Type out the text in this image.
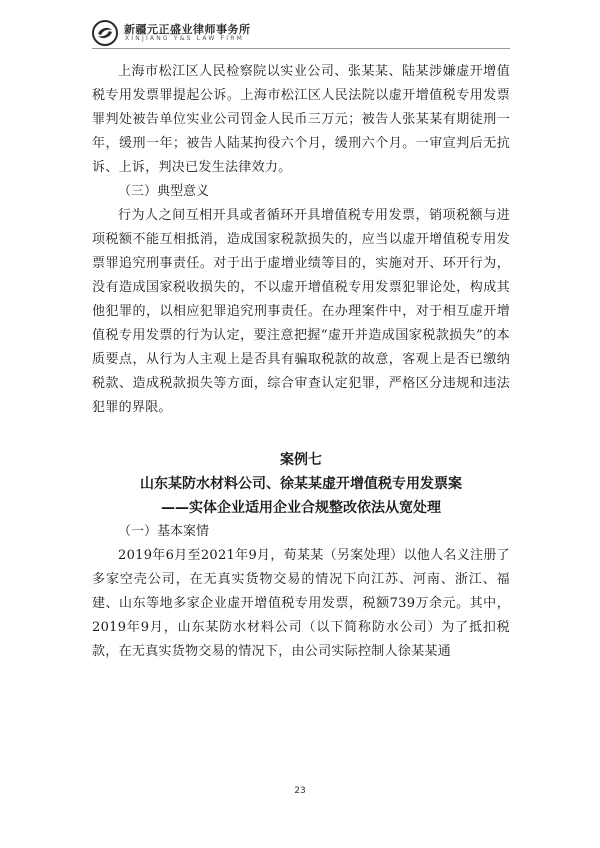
新疆元正盛业律师事务所
XINJIANG Y&S LAW FIRM

上海市松江区人民检察院以实业公司、张某某、陆某涉嫌虚开增值税专用发票罪提起公诉。上海市松江区人民法院以虚开增值税专用发票罪判处被告单位实业公司罚金人民币三万元；被告人张某某有期徒刑一年，缓刑一年；被告人陆某拘役六个月，缓刑六个月。一审宣判后无抗诉、上诉，判决已发生法律效力。

（三）典型意义

行为人之间互相开具或者循环开具增值税专用发票，销项税额与进项税额不能互相抵消，造成国家税款损失的，应当以虚开增值税专用发票罪追究刑事责任。对于出于虚增业绩等目的，实施对开、环开行为，没有造成国家税收损失的，不以虚开增值税专用发票犯罪论处，构成其他犯罪的，以相应犯罪追究刑事责任。在办理案件中，对于相互虚开增值税专用发票的行为认定，要注意把握“虚开并造成国家税款损失”的本质要点，从行为人主观上是否具有骗取税款的故意，客观上是否已缴纳税款、造成税款损失等方面，综合审查认定犯罪，严格区分违规和违法犯罪的界限。

案例七
山东某防水材料公司、徐某某虚开增值税专用发票案
——实体企业适用企业合规整改依法从宽处理
（一）基本案情

2019年6月至2021年9月，荀某某（另案处理）以他人名义注册了多家空壳公司，在无真实货物交易的情况下向江苏、河南、浙江、福建、山东等地多家企业虚开增值税专用发票，税额739万余元。其中，2019年9月，山东某防水材料公司（以下简称防水公司）为了抵扣税款，在无真实货物交易的情况下，由公司实际控制人徐某某通

23
